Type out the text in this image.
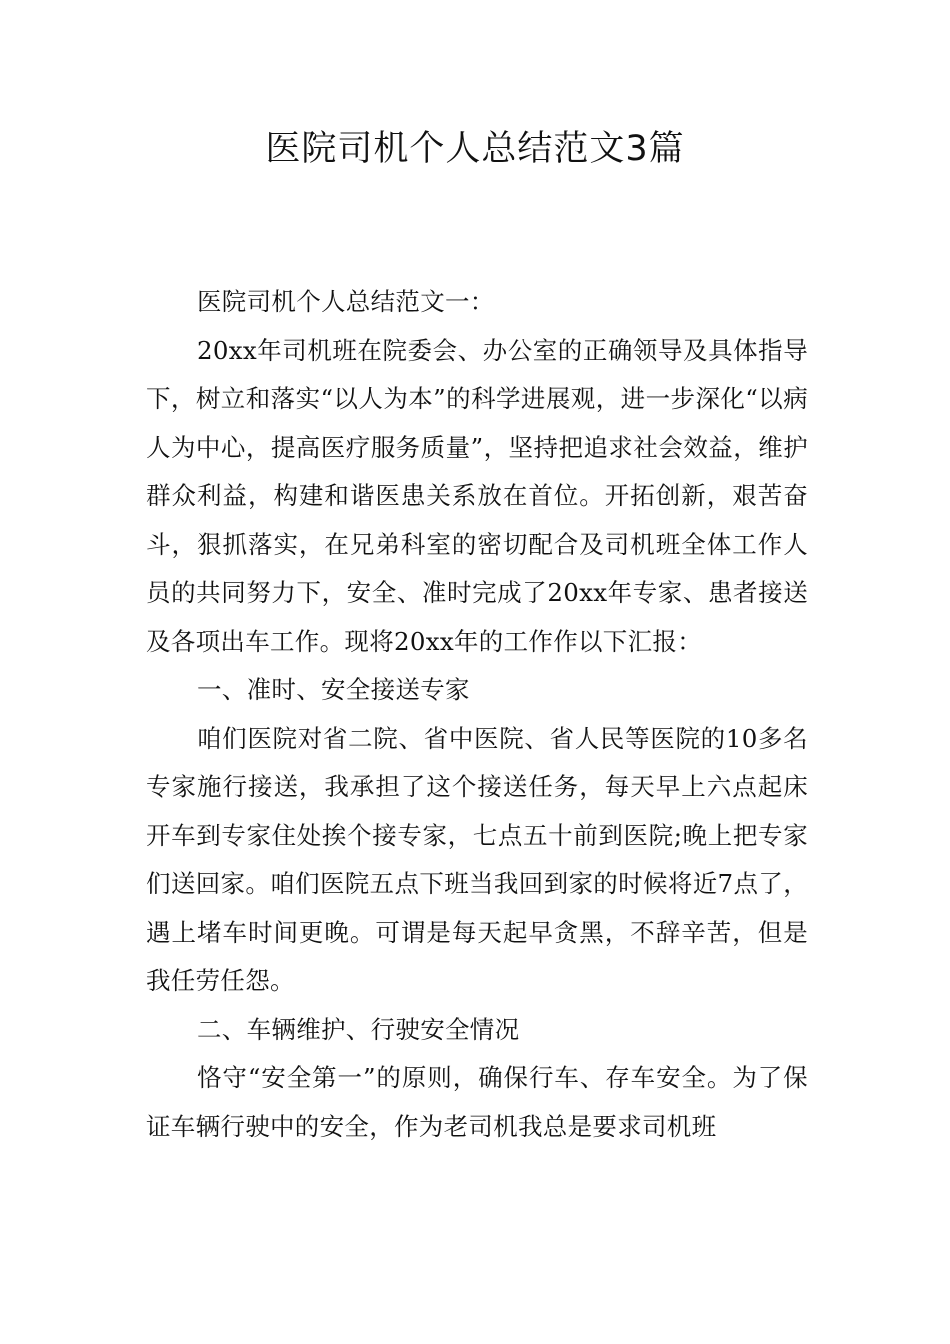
医院司机个人总结范文3篇

医院司机个人总结范文一：

20xx年司机班在院委会、办公室的正确领导及具体指导下，树立和落实“以人为本”的科学进展观，进一步深化“以病人为中心，提高医疗服务质量”，坚持把追求社会效益，维护群众利益，构建和谐医患关系放在首位。开拓创新，艰苦奋斗，狠抓落实，在兄弟科室的密切配合及司机班全体工作人员的共同努力下，安全、准时完成了20xx年专家、患者接送及各项出车工作。现将20xx年的工作作以下汇报：

一、准时、安全接送专家

咱们医院对省二院、省中医院、省人民等医院的10多名专家施行接送，我承担了这个接送任务，每天早上六点起床开车到专家住处挨个接专家，七点五十前到医院;晚上把专家们送回家。咱们医院五点下班当我回到家的时候将近7点了，遇上堵车时间更晚。可谓是每天起早贪黑，不辞辛苦，但是我任劳任怨。

二、车辆维护、行驶安全情况

恪守“安全第一”的原则，确保行车、存车安全。为了保证车辆行驶中的安全，作为老司机我总是要求司机班
